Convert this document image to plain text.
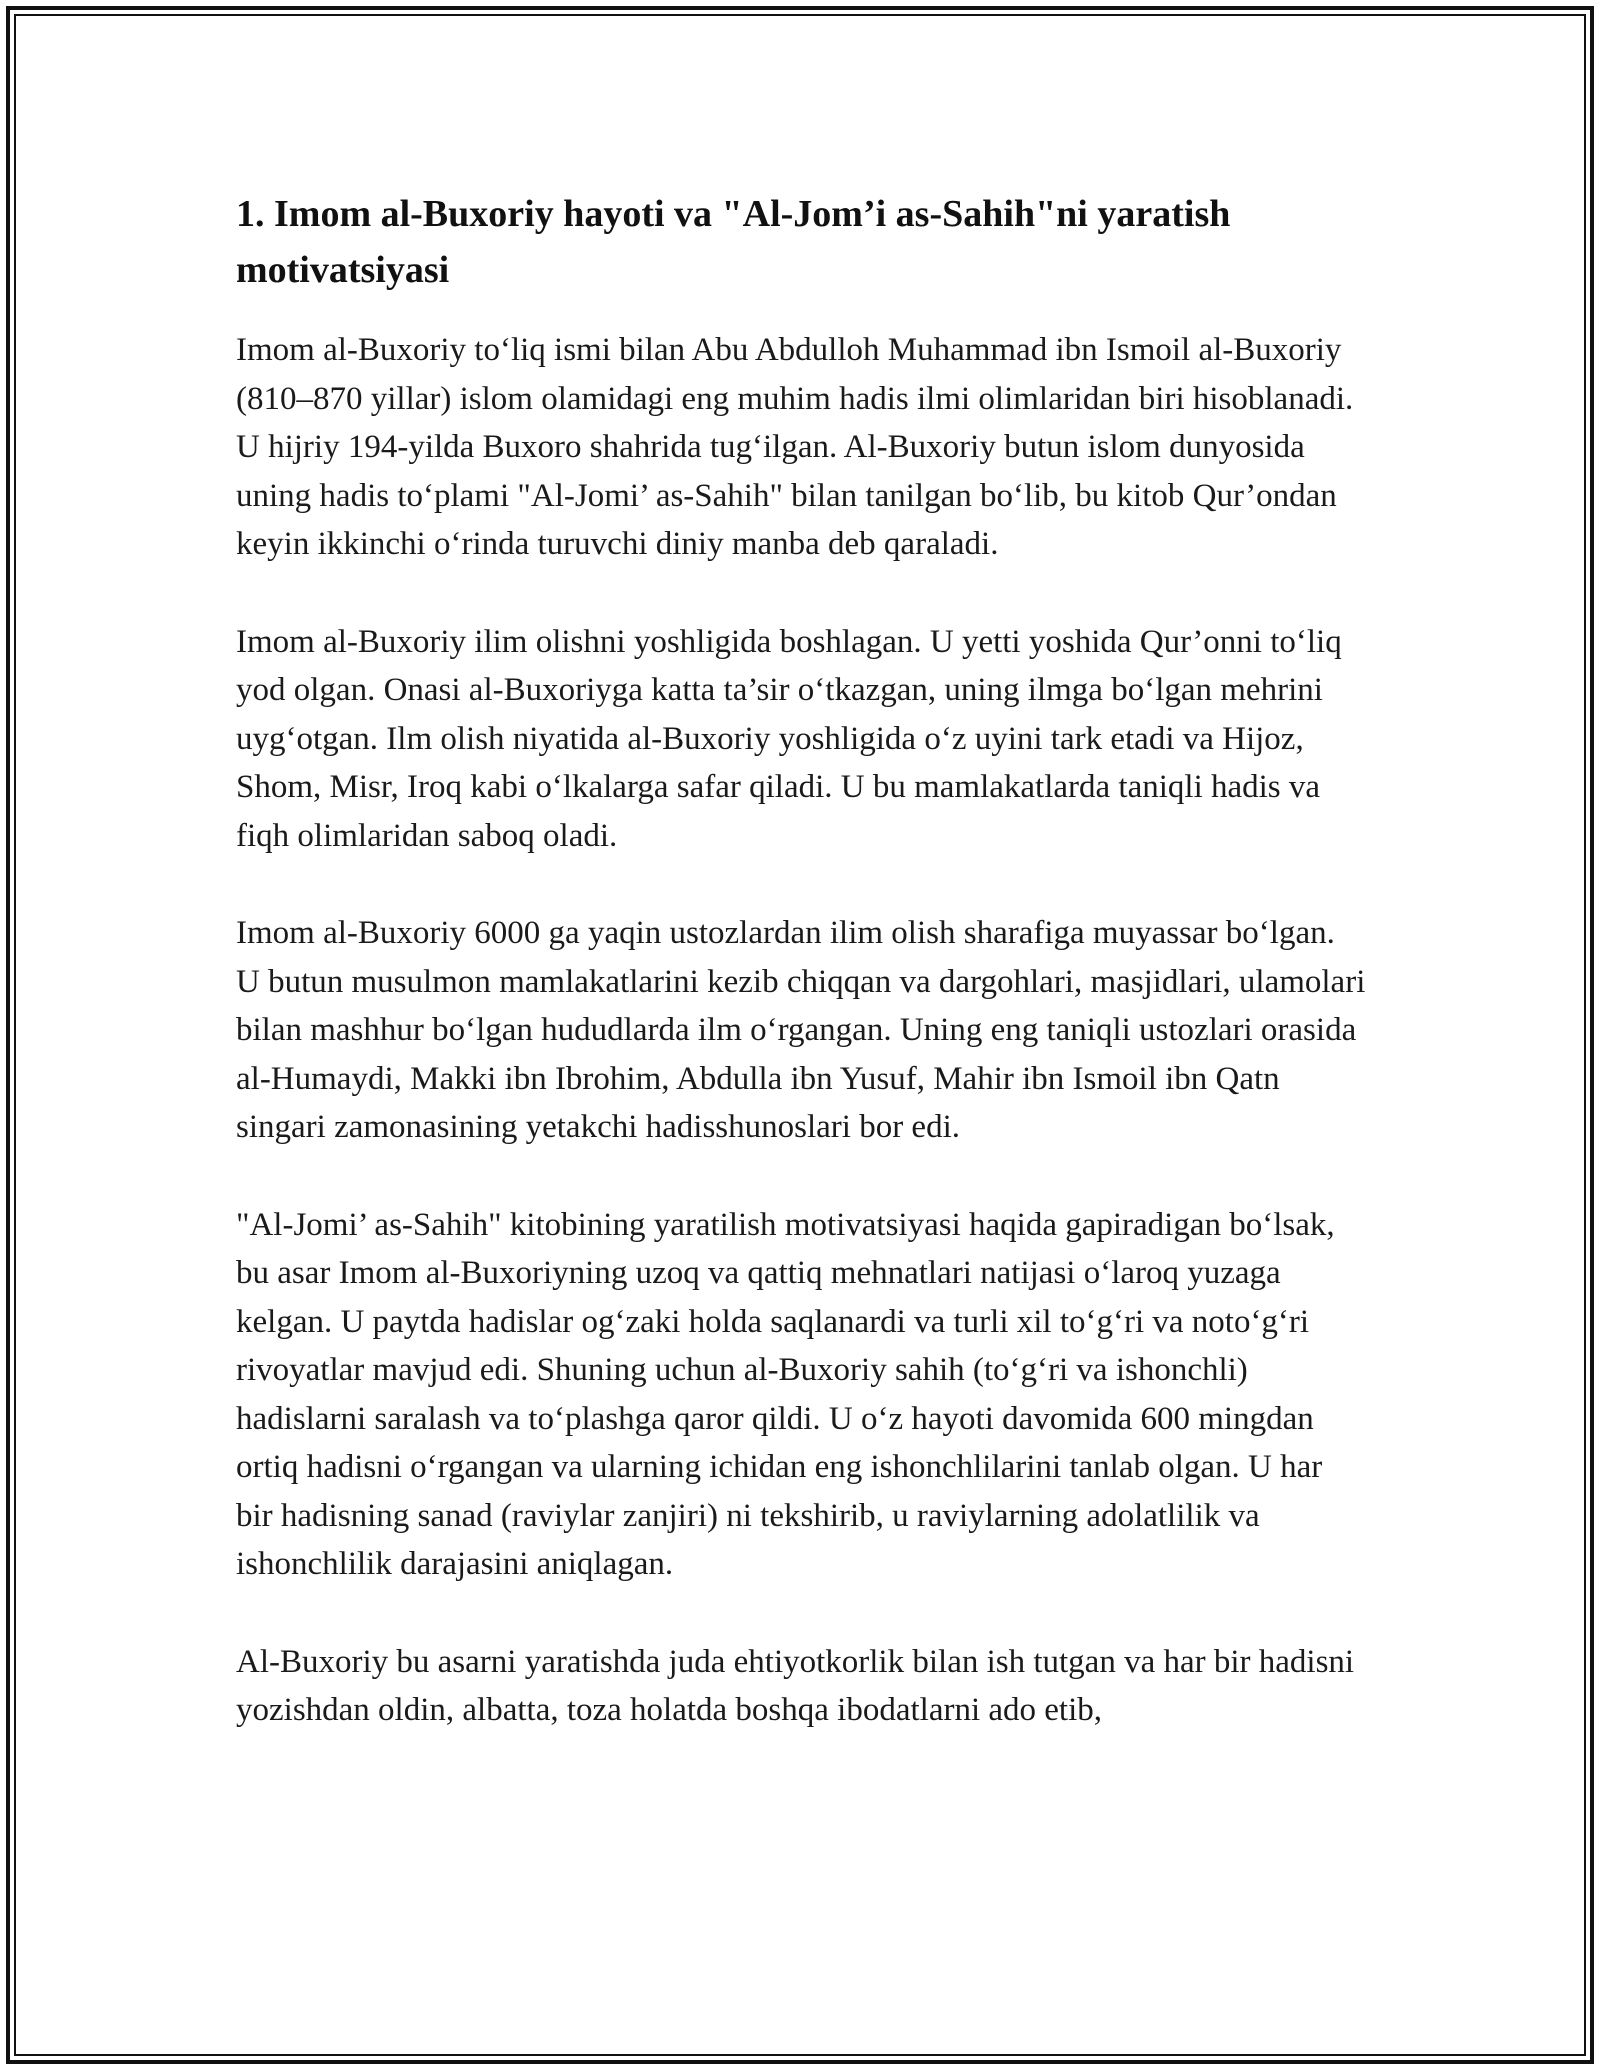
1. Imom al-Buxoriy hayoti va "Al-Jom’i as-Sahih"ni yaratish motivatsiyasi

Imom al-Buxoriy to‘liq ismi bilan Abu Abdulloh Muhammad ibn Ismoil al-Buxoriy (810–870 yillar) islom olamidagi eng muhim hadis ilmi olimlaridan biri hisoblanadi. U hijriy 194-yilda Buxoro shahrida tug‘ilgan. Al-Buxoriy butun islom dunyosida uning hadis to‘plami "Al-Jomi’ as-Sahih" bilan tanilgan bo‘lib, bu kitob Qur’ondan keyin ikkinchi o‘rinda turuvchi diniy manba deb qaraladi.

Imom al-Buxoriy ilim olishni yoshligida boshlagan. U yetti yoshida Qur’onni to‘liq yod olgan. Onasi al-Buxoriyga katta ta’sir o‘tkazgan, uning ilmga bo‘lgan mehrini uyg‘otgan. Ilm olish niyatida al-Buxoriy yoshligida o‘z uyini tark etadi va Hijoz, Shom, Misr, Iroq kabi o‘lkalarga safar qiladi. U bu mamlakatlarda taniqli hadis va fiqh olimlaridan saboq oladi.

Imom al-Buxoriy 6000 ga yaqin ustozlardan ilim olish sharafiga muyassar bo‘lgan. U butun musulmon mamlakatlarini kezib chiqqan va dargohlari, masjidlari, ulamolari bilan mashhur bo‘lgan hududlarda ilm o‘rgangan. Uning eng taniqli ustozlari orasida al-Humaydi, Makki ibn Ibrohim, Abdulla ibn Yusuf, Mahir ibn Ismoil ibn Qatn singari zamonasining yetakchi hadisshunoslari bor edi.

"Al-Jomi’ as-Sahih" kitobining yaratilish motivatsiyasi haqida gapiradigan bo‘lsak, bu asar Imom al-Buxoriyning uzoq va qattiq mehnatlari natijasi o‘laroq yuzaga kelgan. U paytda hadislar og‘zaki holda saqlanardi va turli xil to‘g‘ri va noto‘g‘ri rivoyatlar mavjud edi. Shuning uchun al-Buxoriy sahih (to‘g‘ri va ishonchli) hadislarni saralash va to‘plashga qaror qildi. U o‘z hayoti davomida 600 mingdan ortiq hadisni o‘rgangan va ularning ichidan eng ishonchlilarini tanlab olgan. U har bir hadisning sanad (raviylar zanjiri) ni tekshirib, u raviylarning adolatlilik va ishonchlilik darajasini aniqlagan.

Al-Buxoriy bu asarni yaratishda juda ehtiyotkorlik bilan ish tutgan va har bir hadisni yozishdan oldin, albatta, toza holatda boshqa ibodatlarni ado etib,
